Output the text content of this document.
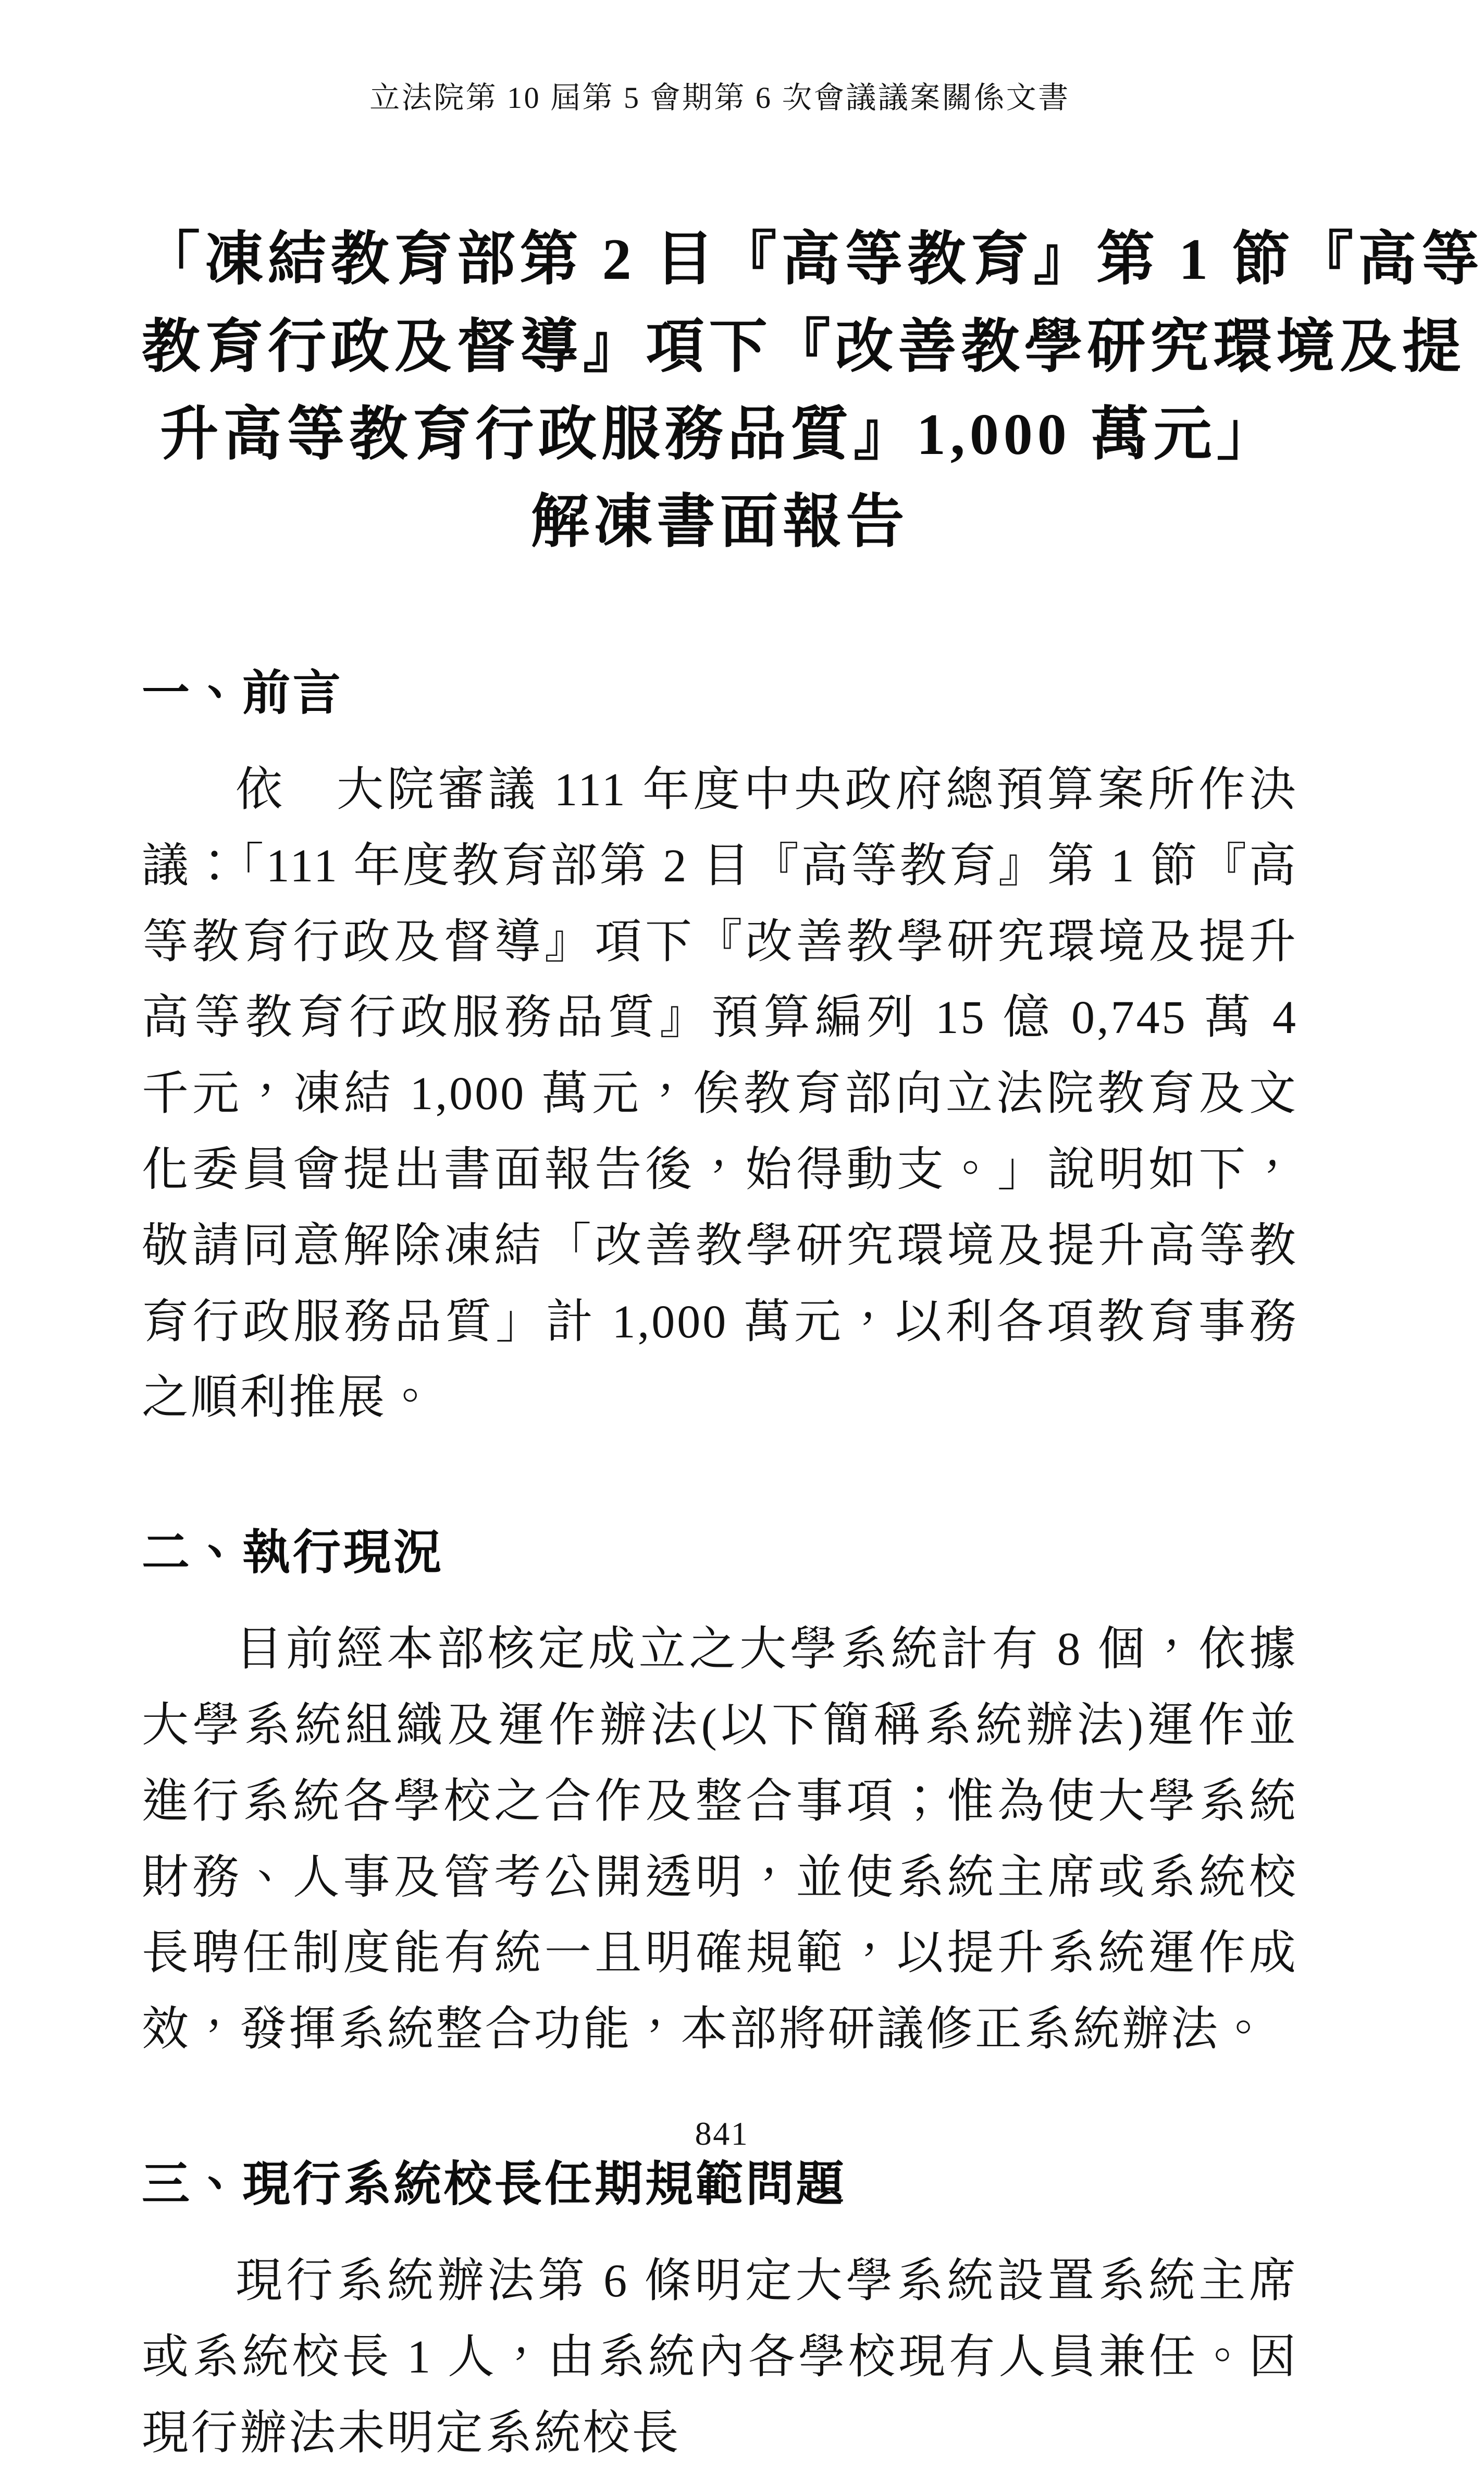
立法院第 10 屆第 5 會期第 6 次會議議案關係文書
「凍結教育部第 2 目『高等教育』第 1 節『高等
教育行政及督導』項下『改善教學研究環境及提
升高等教育行政服務品質』1,000 萬元」
解凍書面報告
一、前言

依　大院審議 111 年度中央政府總預算案所作決議：「111 年度教育部第 2 目『高等教育』第 1 節『高等教育行政及督導』項下『改善教學研究環境及提升高等教育行政服務品質』預算編列 15 億 0,745 萬 4 千元，凍結 1,000 萬元，俟教育部向立法院教育及文化委員會提出書面報告後，始得動支。」說明如下，敬請同意解除凍結「改善教學研究環境及提升高等教育行政服務品質」計 1,000 萬元，以利各項教育事務之順利推展。

二、執行現況

目前經本部核定成立之大學系統計有 8 個，依據大學系統組織及運作辦法(以下簡稱系統辦法)運作並進行系統各學校之合作及整合事項；惟為使大學系統財務、人事及管考公開透明，並使系統主席或系統校長聘任制度能有統一且明確規範，以提升系統運作成效，發揮系統整合功能，本部將研議修正系統辦法。

三、現行系統校長任期規範問題

現行系統辦法第 6 條明定大學系統設置系統主席或系統校長 1 人，由系統內各學校現有人員兼任。因現行辦法未明定系統校長

841
